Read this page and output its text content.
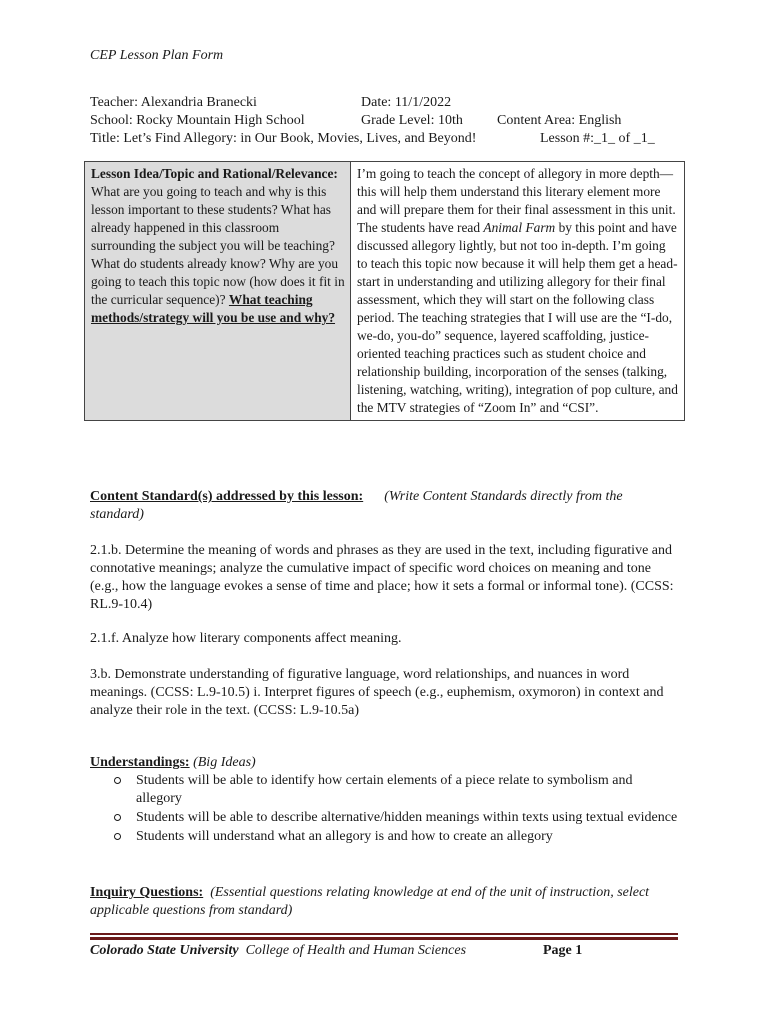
CEP Lesson Plan Form
Teacher: Alexandria Branecki	Date: 11/1/2022
School: Rocky Mountain High School	Grade Level: 10th Content Area: English
Title: Let’s Find Allegory: in Our Book, Movies, Lives, and Beyond!	Lesson #:_1_ of _1_
Lesson Idea/Topic and Rational/Relevance: What are you going to teach and why is this lesson important to these students? What has already happened in this classroom surrounding the subject you will be teaching? What do students already know? Why are you going to teach this topic now (how does it fit in the curricular sequence)? What teaching methods/strategy will you be use and why?	I’m going to teach the concept of allegory in more depth—this will help them understand this literary element more and will prepare them for their final assessment in this unit. The students have read Animal Farm by this point and have discussed allegory lightly, but not too in-depth. I’m going to teach this topic now because it will help them get a head-start in understanding and utilizing allegory for their final assessment, which they will start on the following class period. The teaching strategies that I will use are the “I-do, we-do, you-do” sequence, layered scaffolding, justice-oriented teaching practices such as student choice and relationship building, incorporation of the senses (talking, listening, watching, writing), integration of pop culture, and the MTV strategies of “Zoom In” and “CSI”.
Content Standard(s) addressed by this lesson: (Write Content Standards directly from the standard)
2.1.b. Determine the meaning of words and phrases as they are used in the text, including figurative and connotative meanings; analyze the cumulative impact of specific word choices on meaning and tone (e.g., how the language evokes a sense of time and place; how it sets a formal or informal tone). (CCSS: RL.9-10.4)
2.1.f. Analyze how literary components affect meaning.
3.b. Demonstrate understanding of figurative language, word relationships, and nuances in word meanings. (CCSS: L.9-10.5) i. Interpret figures of speech (e.g., euphemism, oxymoron) in context and analyze their role in the text. (CCSS: L.9-10.5a)
Understandings: (Big Ideas)
Students will be able to identify how certain elements of a piece relate to symbolism and allegory
Students will be able to describe alternative/hidden meanings within texts using textual evidence
Students will understand what an allegory is and how to create an allegory
Inquiry Questions: (Essential questions relating knowledge at end of the unit of instruction, select applicable questions from standard)
Colorado State University College of Health and Human Sciences	Page 1
